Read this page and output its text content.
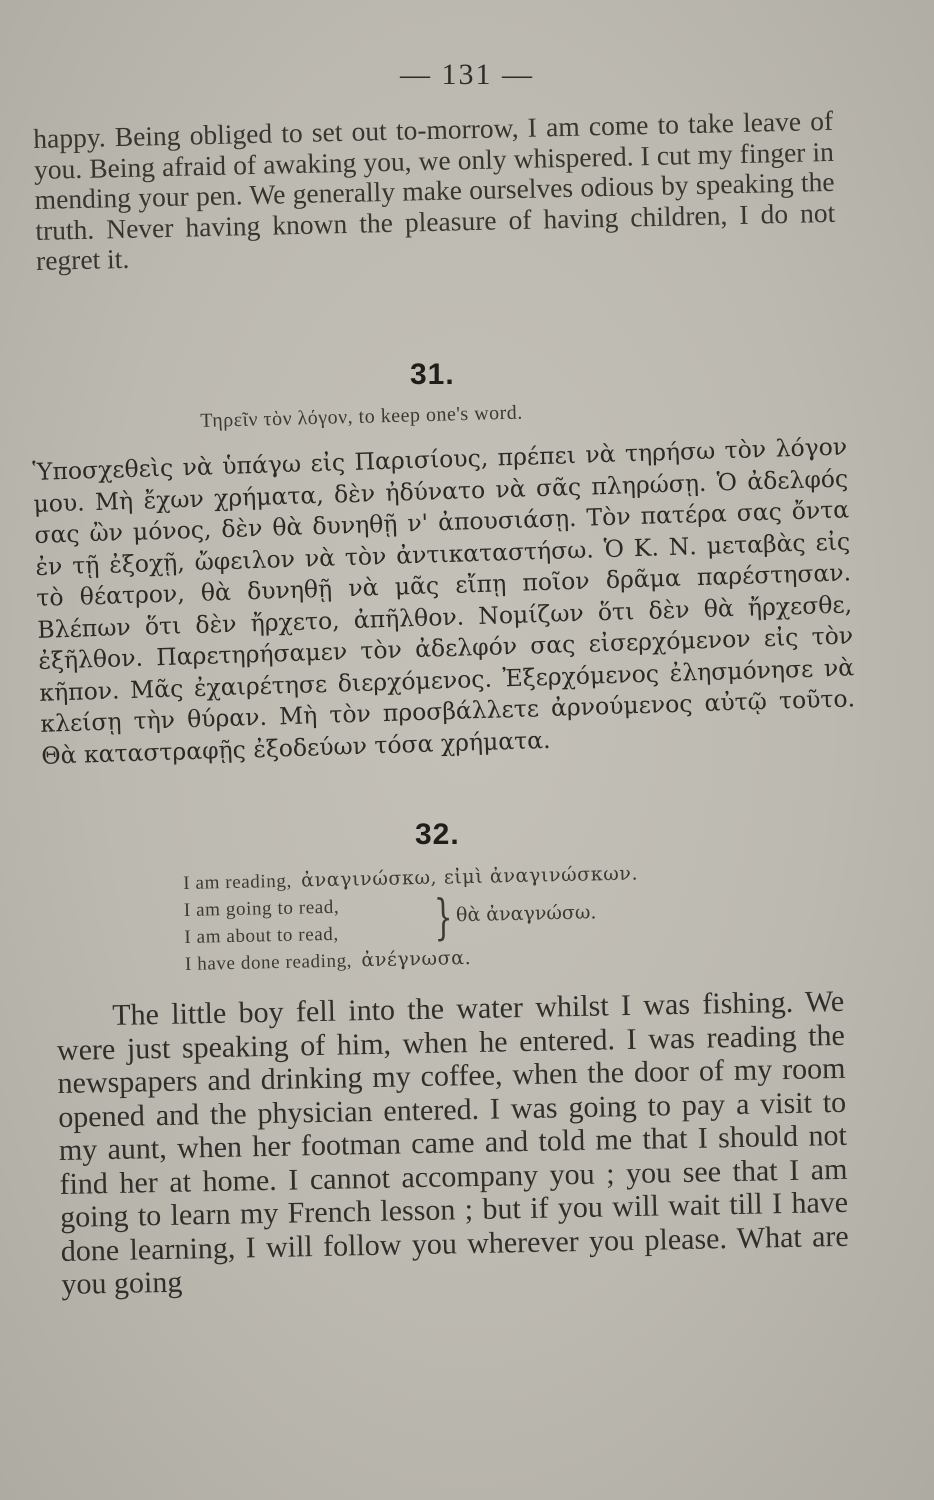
— 131 —
happy. Being obliged to set out to-morrow, I am come to take leave of you. Being afraid of awaking you, we only whispered. I cut my finger in mending your pen. We generally make ourselves odious by speaking the truth. Never having known the pleasure of having children, I do not regret it.
31.
Τηρεῖν τὸν λόγον, to keep one's word.
Ὑποσχεθεὶς νὰ ὑπάγω εἰς Παρισίους, πρέπει νὰ τηρήσω τὸν λόγον μου. Μὴ ἔχων χρήματα, δὲν ἠδύνατο νὰ σᾶς πληρώσῃ. Ὁ ἀδελφός σας ὢν μόνος, δὲν θὰ δυνηθῇ ν' ἀπουσιάσῃ. Τὸν πατέρα σας ὄντα ἐν τῇ ἐξοχῇ, ὤφειλον νὰ τὸν ἀντικαταστήσω. Ὁ Κ. Ν. μεταβὰς εἰς τὸ θέατρον, θὰ δυνηθῇ νὰ μᾶς εἴπῃ ποῖον δρᾶμα παρέστησαν. Βλέπων ὅτι δὲν ἤρχετο, ἀπῆλθον. Νομίζων ὅτι δὲν θὰ ἤρχεσθε, ἐξῆλθον. Παρετηρήσαμεν τὸν ἀδελφόν σας εἰσερχόμενον εἰς τὸν κῆπον. Μᾶς ἐχαιρέτησε διερχόμενος. Ἐξερχόμενος ἐλησμόνησε νὰ κλείσῃ τὴν θύραν. Μὴ τὸν προσβάλλετε ἀρνούμενος αὐτῷ τοῦτο. Θὰ καταστραφῇς ἐξοδεύων τόσα χρήματα.
32.
I am reading, ἀναγινώσκω, εἰμὶ ἀναγινώσκων.
I am going to read,
I am about to read,	} θὰ ἀναγνώσω.
I have done reading, ἀνέγνωσα.
The little boy fell into the water whilst I was fishing. We were just speaking of him, when he entered. I was reading the newspapers and drinking my coffee, when the door of my room opened and the physician entered. I was going to pay a visit to my aunt, when her footman came and told me that I should not find her at home. I cannot accompany you ; you see that I am going to learn my French lesson ; but if you will wait till I have done learning, I will follow you wherever you please. What are you going
